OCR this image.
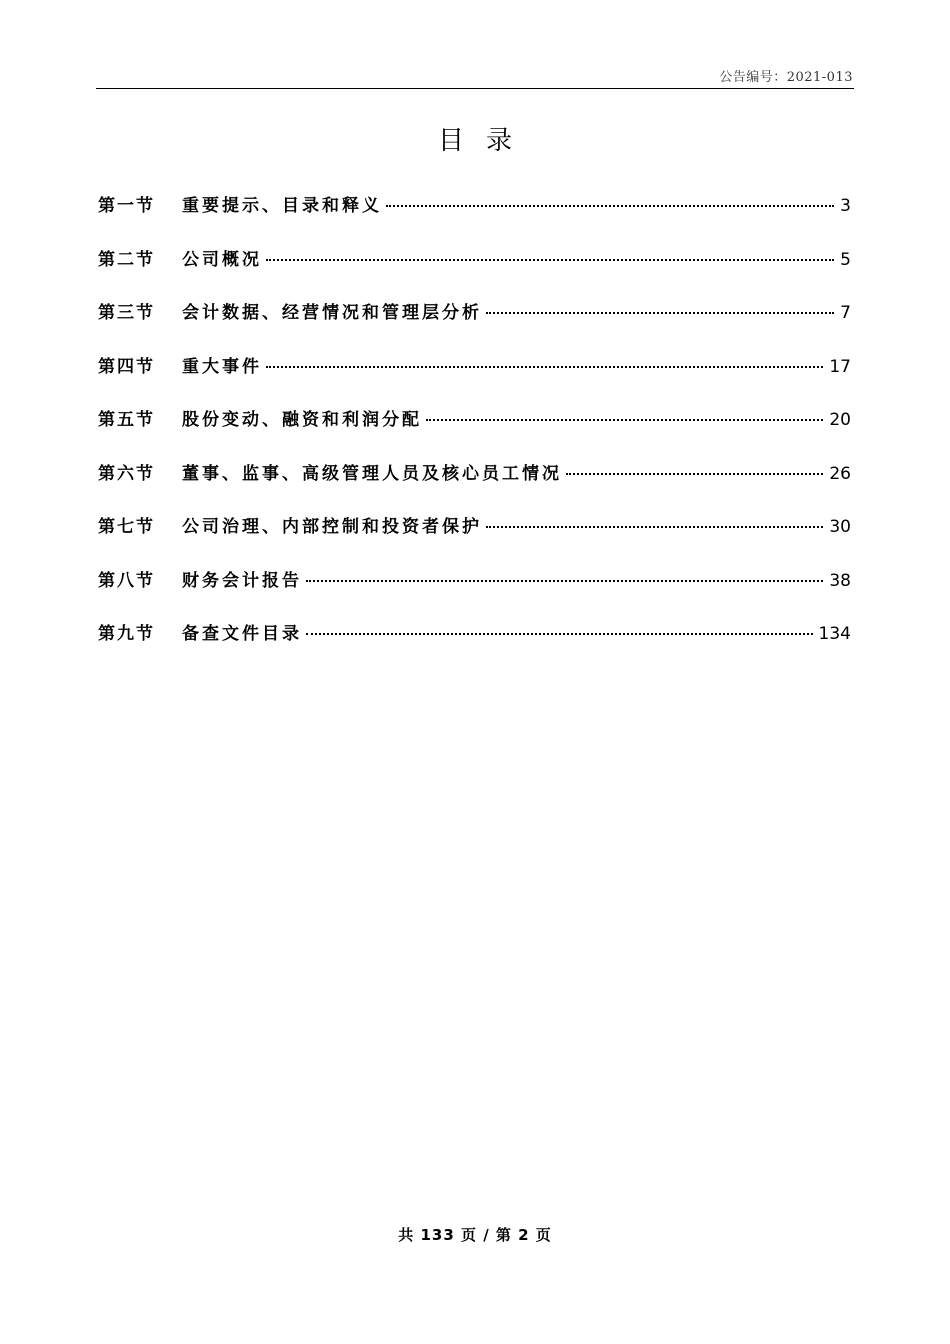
公告编号：2021-013
目录
第一节	重要提示、目录和释义	3
第二节	公司概况	5
第三节	会计数据、经营情况和管理层分析	7
第四节	重大事件	17
第五节	股份变动、融资和利润分配	20
第六节	董事、监事、高级管理人员及核心员工情况	26
第七节	公司治理、内部控制和投资者保护	30
第八节	财务会计报告	38
第九节	备查文件目录	134
共 133 页 / 第 2 页
